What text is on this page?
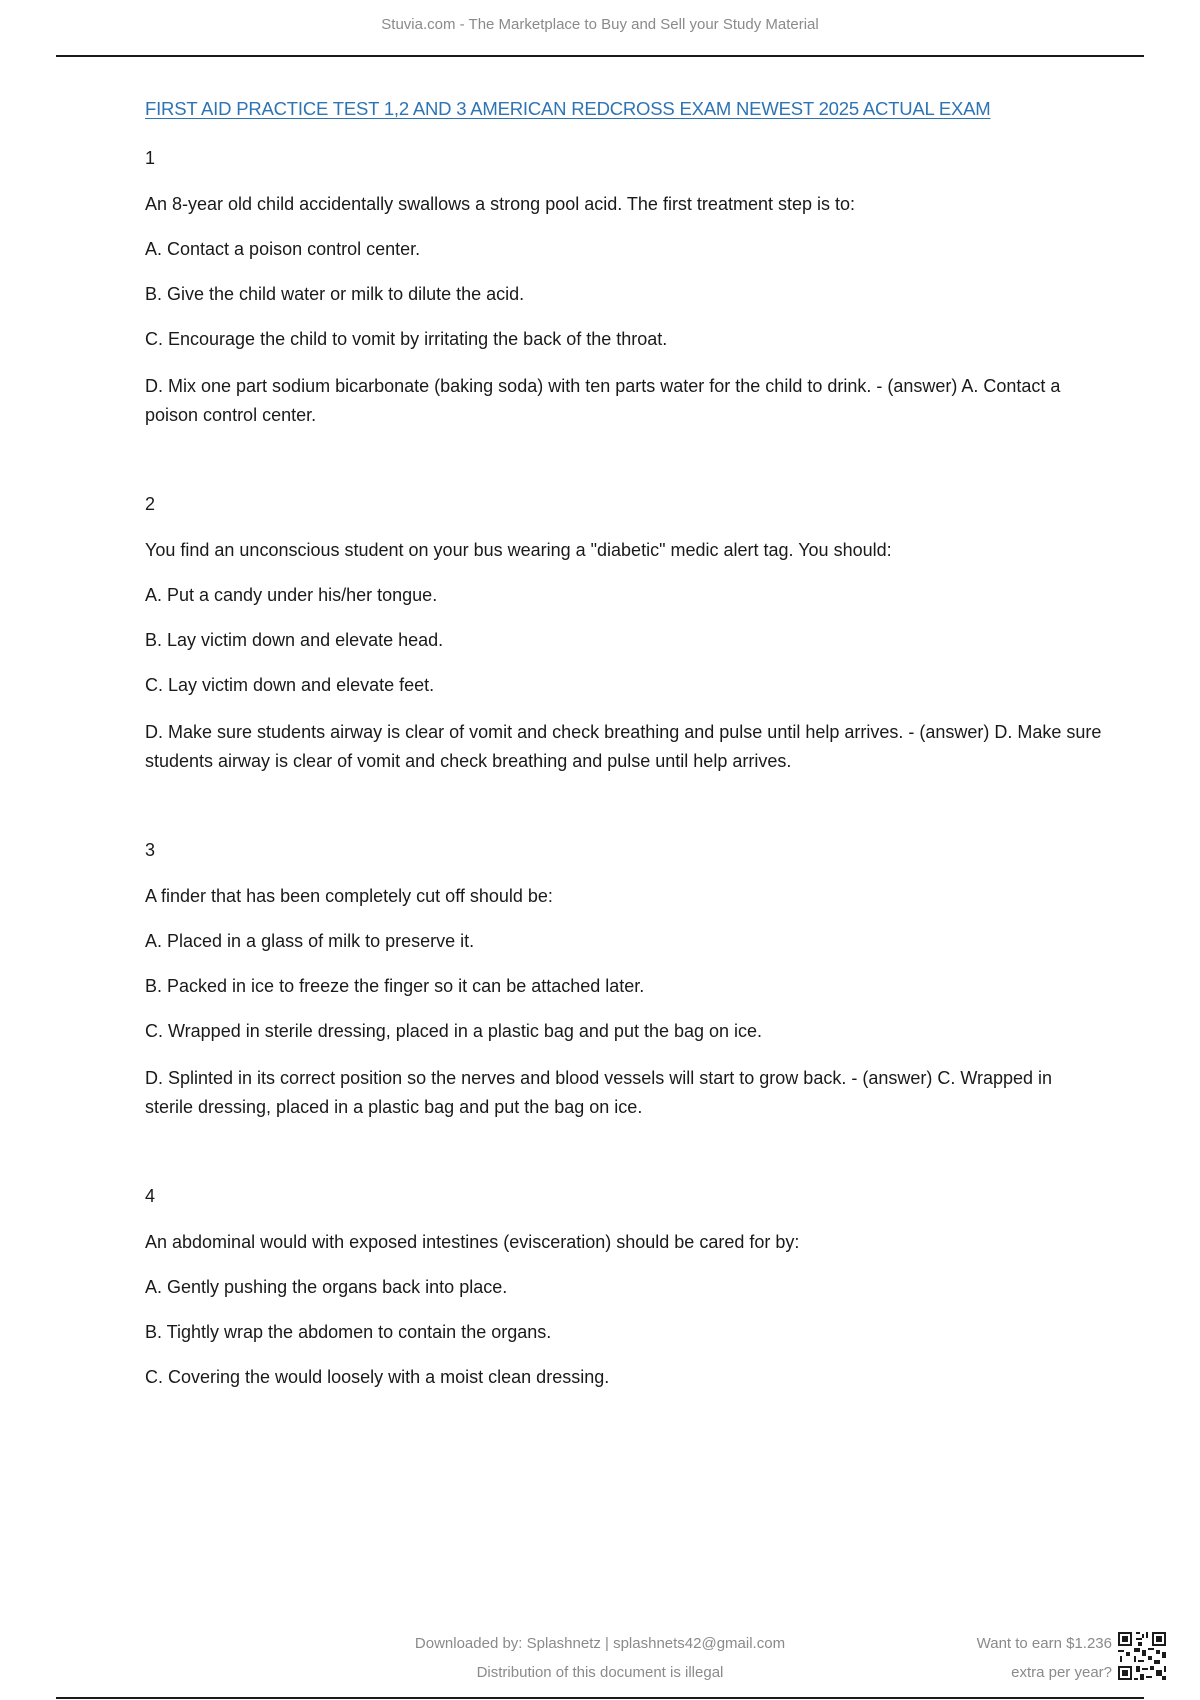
Stuvia.com - The Marketplace to Buy and Sell your Study Material
FIRST AID PRACTICE TEST 1,2 AND 3 AMERICAN REDCROSS EXAM NEWEST 2025 ACTUAL EXAM
1
An 8-year old child accidentally swallows a strong pool acid. The first treatment step is to:
A. Contact a poison control center.
B. Give the child water or milk to dilute the acid.
C. Encourage the child to vomit by irritating the back of the throat.
D. Mix one part sodium bicarbonate (baking soda) with ten parts water for the child to drink. - (answer) A. Contact a poison control center.
2
You find an unconscious student on your bus wearing a "diabetic" medic alert tag. You should:
A. Put a candy under his/her tongue.
B. Lay victim down and elevate head.
C. Lay victim down and elevate feet.
D. Make sure students airway is clear of vomit and check breathing and pulse until help arrives. - (answer) D. Make sure students airway is clear of vomit and check breathing and pulse until help arrives.
3
A finder that has been completely cut off should be:
A. Placed in a glass of milk to preserve it.
B. Packed in ice to freeze the finger so it can be attached later.
C. Wrapped in sterile dressing, placed in a plastic bag and put the bag on ice.
D. Splinted in its correct position so the nerves and blood vessels will start to grow back. - (answer) C. Wrapped in sterile dressing, placed in a plastic bag and put the bag on ice.
4
An abdominal would with exposed intestines (evisceration) should be cared for by:
A. Gently pushing the organs back into place.
B. Tightly wrap the abdomen to contain the organs.
C. Covering the would loosely with a moist clean dressing.
Downloaded by: Splashnetz | splashnets42@gmail.com
Distribution of this document is illegal
Want to earn $1.236
extra per year?
